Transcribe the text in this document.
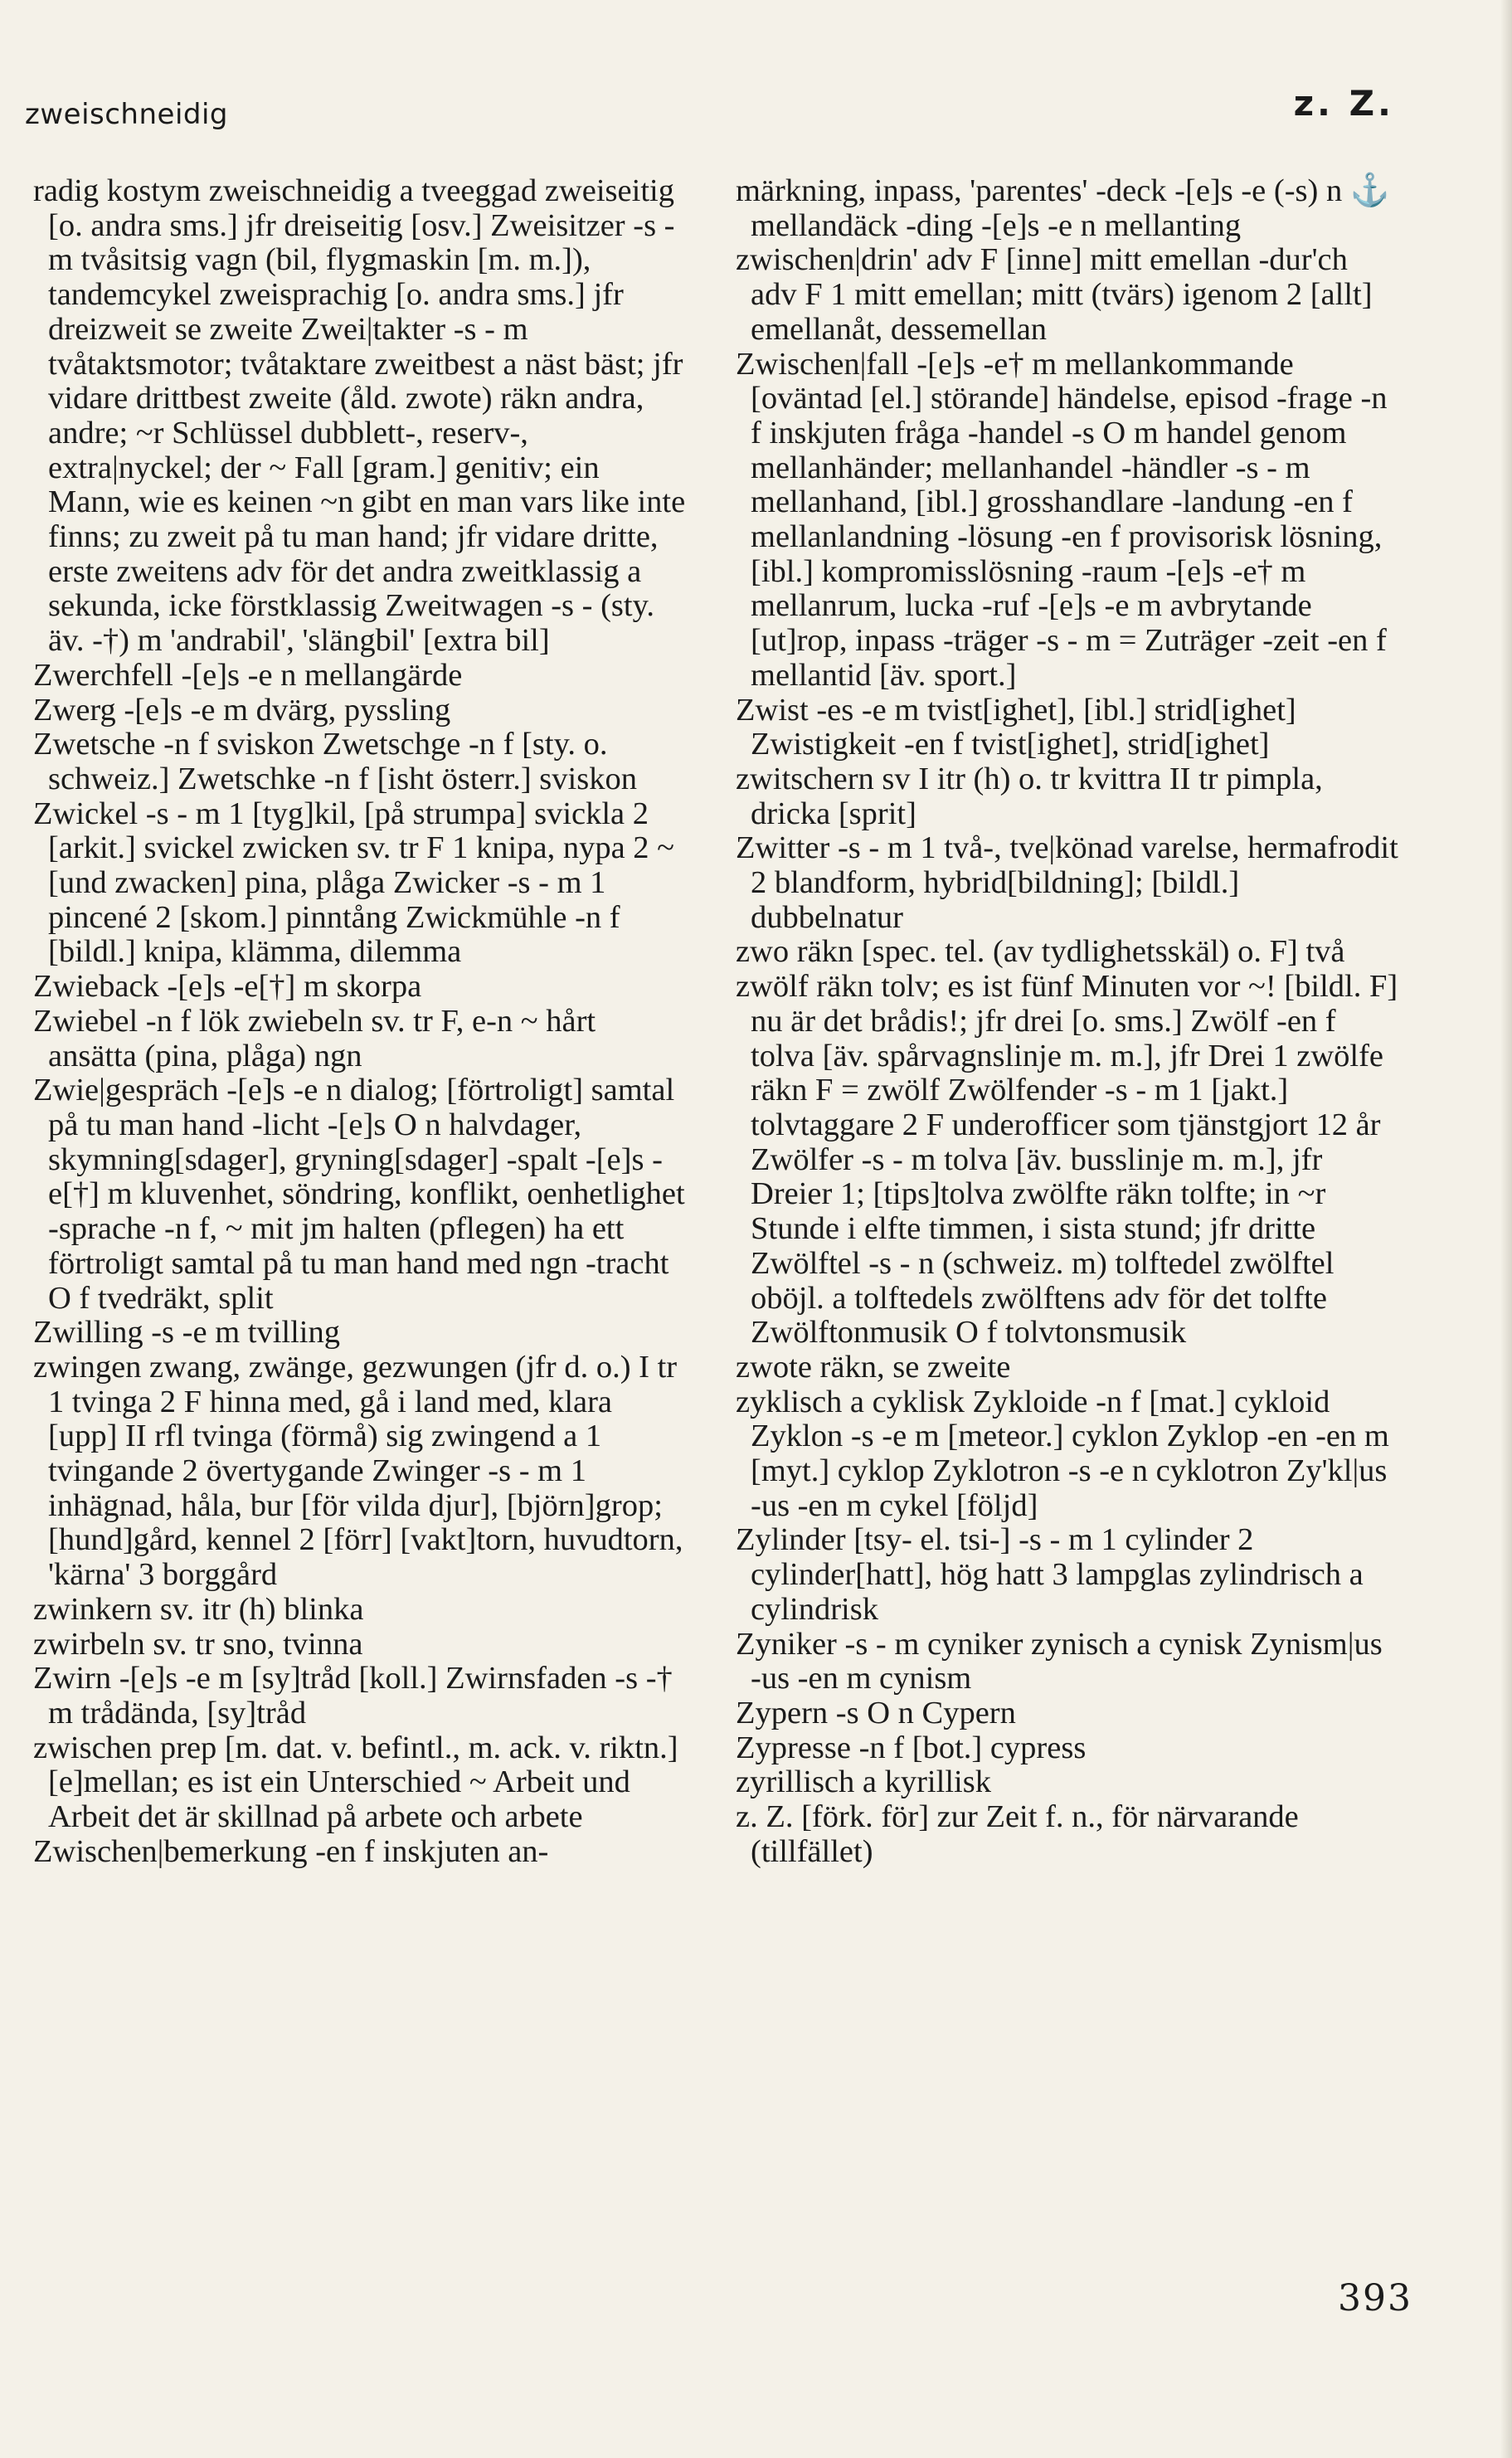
zweischneidig	z. Z.

radig kostym zweischneidig a tveeggad zweiseitig [o. andra sms.] jfr dreiseitig [osv.] Zweisitzer -s - m tvåsitsig vagn (bil, flygmaskin [m. m.]), tandemcykel zweisprachig [o. andra sms.] jfr dreizweit se zweite Zwei|takter -s - m tvåtaktsmotor; tvåtaktare zweitbest a näst bäst; jfr vidare drittbest zweite (åld. zwote) räkn andra, andre; ~r Schlüssel dubblett-, reserv-, extra|nyckel; der ~ Fall [gram.] genitiv; ein Mann, wie es keinen ~n gibt en man vars like inte finns; zu zweit på tu man hand; jfr vidare dritte, erste zweitens adv för det andra zweitklassig a sekunda, icke förstklassig Zweitwagen -s - (sty. äv. -†) m 'andrabil', 'slängbil' [extra bil]

Zwerchfell -[e]s -e n mellangärde

Zwerg -[e]s -e m dvärg, pyssling

Zwetsche -n f sviskon Zwetschge -n f [sty. o. schweiz.] Zwetschke -n f [isht österr.] sviskon

Zwickel -s - m 1 [tyg]kil, [på strumpa] svickla 2 [arkit.] svickel zwicken sv. tr F 1 knipa, nypa 2 ~ [und zwacken] pina, plåga Zwicker -s - m 1 pincené 2 [skom.] pinntång Zwickmühle -n f [bildl.] knipa, klämma, dilemma

Zwieback -[e]s -e[†] m skorpa

Zwiebel -n f lök zwiebeln sv. tr F, e-n ~ hårt ansätta (pina, plåga) ngn

Zwie|gespräch -[e]s -e n dialog; [förtroligt] samtal på tu man hand -licht -[e]s O n halvdager, skymning[sdager], gryning[sdager] -spalt -[e]s -e[†] m kluvenhet, söndring, konflikt, oenhetlighet -sprache -n f, ~ mit jm halten (pflegen) ha ett förtroligt samtal på tu man hand med ngn -tracht O f tvedräkt, split

Zwilling -s -e m tvilling

zwingen zwang, zwänge, gezwungen (jfr d. o.) I tr 1 tvinga 2 F hinna med, gå i land med, klara [upp] II rfl tvinga (förmå) sig zwingend a 1 tvingande 2 övertygande Zwinger -s - m 1 inhägnad, håla, bur [för vilda djur], [björn]grop; [hund]gård, kennel 2 [förr] [vakt]torn, huvudtorn, 'kärna' 3 borggård

zwinkern sv. itr (h) blinka

zwirbeln sv. tr sno, tvinna

Zwirn -[e]s -e m [sy]tråd [koll.] Zwirnsfaden -s -† m trådända, [sy]tråd

zwischen prep [m. dat. v. befintl., m. ack. v. riktn.] [e]mellan; es ist ein Unterschied ~ Arbeit und Arbeit det är skillnad på arbete och arbete

Zwischen|bemerkung -en f inskjuten an-

märkning, inpass, 'parentes' -deck -[e]s -e (-s) n ⚓ mellandäck -ding -[e]s -e n mellanting

zwischen|drin' adv F [inne] mitt emellan -dur'ch adv F 1 mitt emellan; mitt (tvärs) igenom 2 [allt] emellanåt, dessemellan

Zwischen|fall -[e]s -e† m mellankommande [oväntad [el.] störande] händelse, episod -frage -n f inskjuten fråga -handel -s O m handel genom mellanhänder; mellanhandel -händler -s - m mellanhand, [ibl.] grosshandlare -landung -en f mellanlandning -lösung -en f provisorisk lösning, [ibl.] kompromisslösning -raum -[e]s -e† m mellanrum, lucka -ruf -[e]s -e m avbrytande [ut]rop, inpass -träger -s - m = Zuträger -zeit -en f mellantid [äv. sport.]

Zwist -es -e m tvist[ighet], [ibl.] strid[ighet] Zwistigkeit -en f tvist[ighet], strid[ighet]

zwitschern sv I itr (h) o. tr kvittra II tr pimpla, dricka [sprit]

Zwitter -s - m 1 två-, tve|könad varelse, hermafrodit 2 blandform, hybrid[bildning]; [bildl.] dubbelnatur

zwo räkn [spec. tel. (av tydlighetsskäl) o. F] två

zwölf räkn tolv; es ist fünf Minuten vor ~! [bildl. F] nu är det brådis!; jfr drei [o. sms.] Zwölf -en f tolva [äv. spårvagnslinje m. m.], jfr Drei 1 zwölfe räkn F = zwölf Zwölfender -s - m 1 [jakt.] tolvtaggare 2 F underofficer som tjänstgjort 12 år Zwölfer -s - m tolva [äv. busslinje m. m.], jfr Dreier 1; [tips]tolva zwölfte räkn tolfte; in ~r Stunde i elfte timmen, i sista stund; jfr dritte Zwölftel -s - n (schweiz. m) tolftedel zwölftel oböjl. a tolftedels zwölftens adv för det tolfte Zwölftonmusik O f tolvtonsmusik

zwote räkn, se zweite

zyklisch a cyklisk Zykloide -n f [mat.] cykloid Zyklon -s -e m [meteor.] cyklon Zyklop -en -en m [myt.] cyklop Zyklotron -s -e n cyklotron Zy'kl|us -us -en m cykel [följd]

Zylinder [tsy- el. tsi-] -s - m 1 cylinder 2 cylinder[hatt], hög hatt 3 lampglas zylindrisch a cylindrisk

Zyniker -s - m cyniker zynisch a cynisk Zynism|us -us -en m cynism

Zypern -s O n Cypern

Zypresse -n f [bot.] cypress

zyrillisch a kyrillisk

z. Z. [förk. för] zur Zeit f. n., för närvarande (tillfället)

393
